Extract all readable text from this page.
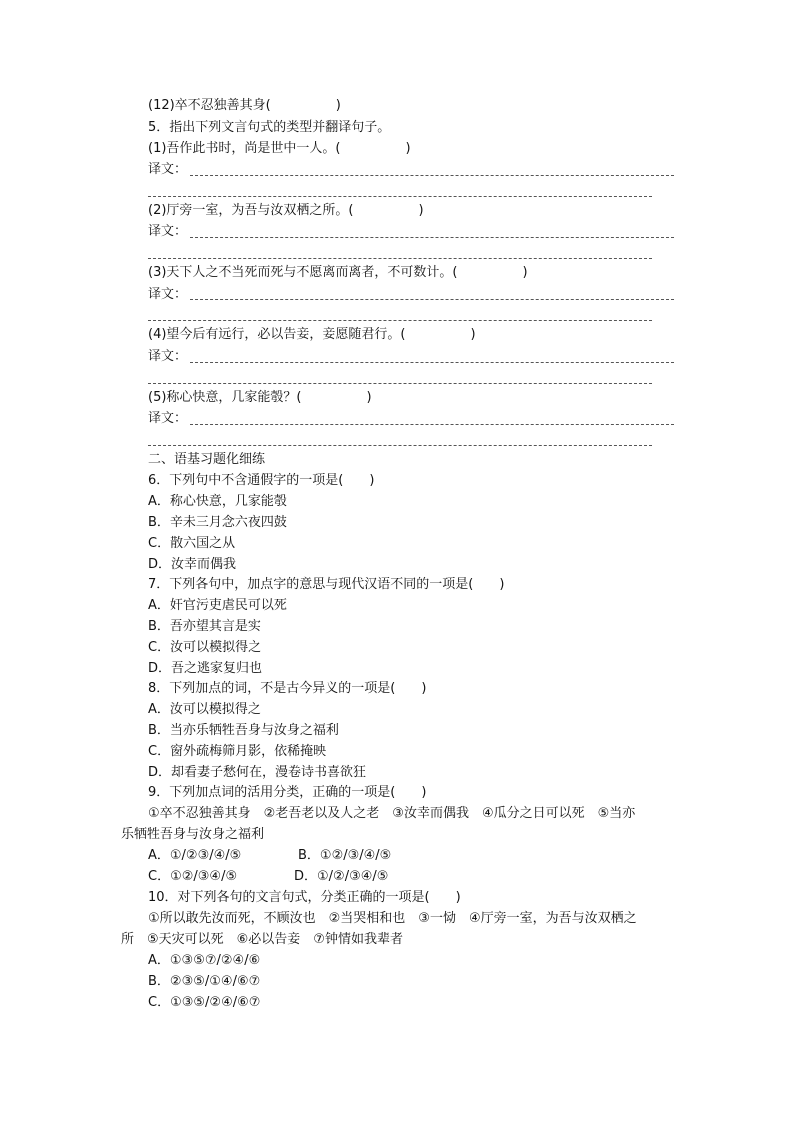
(12)卒不忍独善其身(　　　　　)
5．指出下列文言句式的类型并翻译句子。
(1)吾作此书时，尚是世中一人。(　　　　　)
译文：
(2)厅旁一室，为吾与汝双栖之所。(　　　　　)
译文：
(3)天下人之不当死而死与不愿离而离者，不可数计。(　　　　　)
译文：
(4)望今后有远行，必以告妾，妾愿随君行。(　　　　　)
译文：
(5)称心快意，几家能彀？(　　　　　)
译文：
二、语基习题化细练
6．下列句中不含通假字的一项是(　　)
A．称心快意，几家能彀
B．辛未三月念六夜四鼓
C．散六国之从
D．汝幸而偶我
7．下列各句中，加点字的意思与现代汉语不同的一项是(　　)
A．奸官污吏虐民可以死
B．吾亦望其言是实
C．汝可以模拟得之
D．吾之逃家复归也
8．下列加点的词，不是古今异义的一项是(　　)
A．汝可以模拟得之
B．当亦乐牺牲吾身与汝身之福利
C．窗外疏梅筛月影，依稀掩映
D．却看妻子愁何在，漫卷诗书喜欲狂
9．下列加点词的活用分类，正确的一项是(　　)
①卒不忍独善其身　②老吾老以及人之老　③汝幸而偶我　④瓜分之日可以死　⑤当亦
乐牺牲吾身与汝身之福利
A．①/②③/④/⑤	B．①②/③/④/⑤
C．①②/③④/⑤	D．①/②/③④/⑤
10．对下列各句的文言句式，分类正确的一项是(　　)
①所以敢先汝而死，不顾汝也　②当哭相和也　③一恸　④厅旁一室，为吾与汝双栖之
所　⑤天灾可以死　⑥必以告妾　⑦钟情如我辈者
A．①③⑤⑦/②④/⑥
B．②③⑤/①④/⑥⑦
C．①③⑤/②④/⑥⑦
